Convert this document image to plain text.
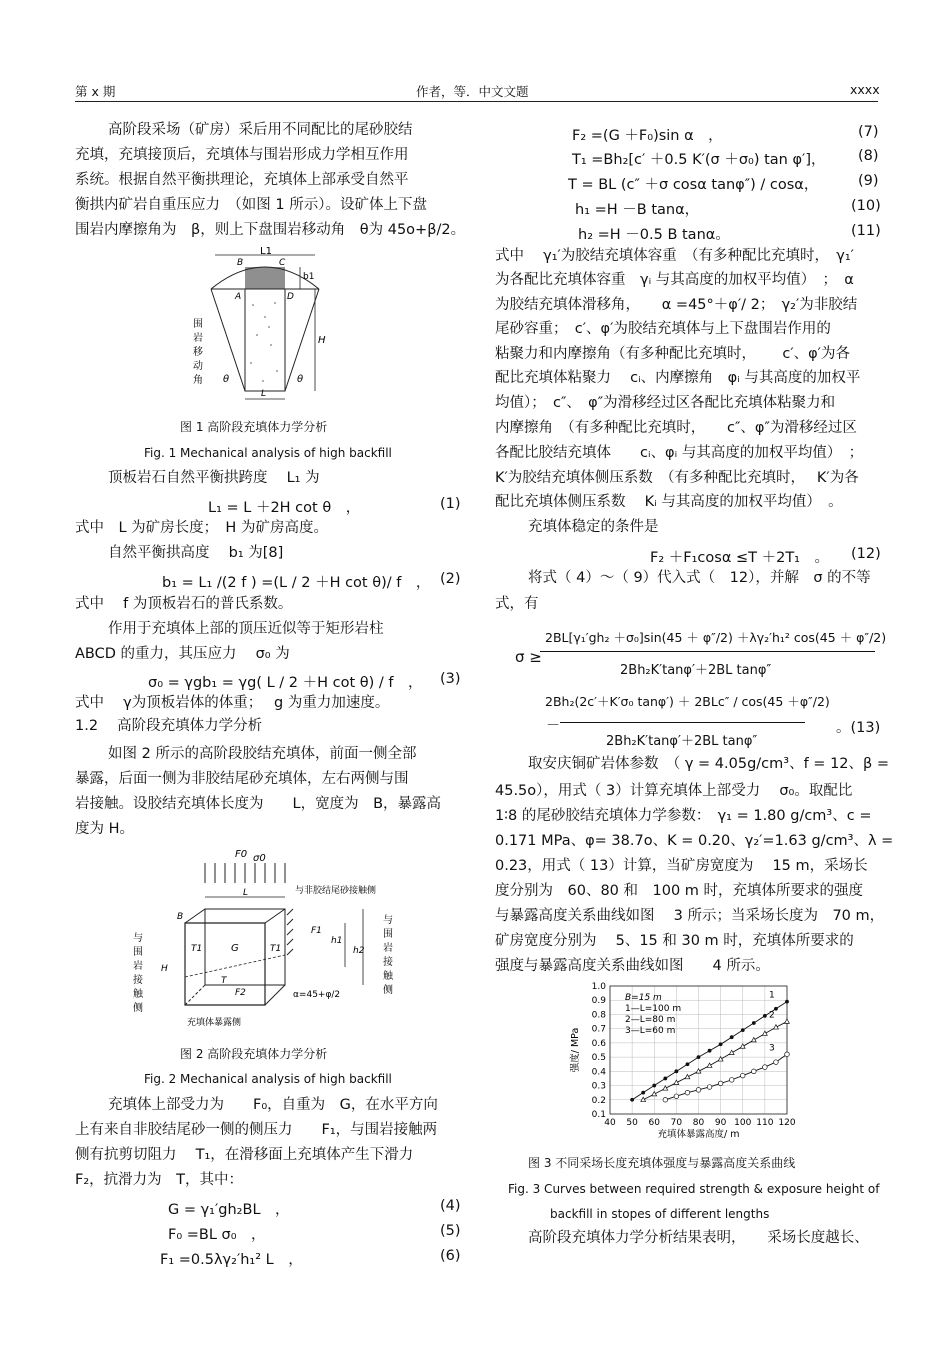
第 x 期	作者，等．中文文题	xxxx
高阶段采场（矿房）采后用不同配比的尾砂胶结
充填，充填接顶后，充填体与围岩形成力学相互作用
系统。根据自然平衡拱理论，充填体上部承受自然平
衡拱内矿岩自重压应力　（如图 1 所示）。设矿体上下盘
围岩内摩擦角为　β，则上下盘围岩移动角　θ为 45o+β/2。
L1
b1
B	C
A	D
H
L
θ	θ
围
岩
移
动
角
图 1 高阶段充填体力学分析
Fig. 1 Mechanical analysis of high backfill
顶板岩石自然平衡拱跨度　 L₁ 为
L₁ = L ＋2H cot θ　，	(1)
式中　L 为矿房长度；　H 为矿房高度。
自然平衡拱高度　 b₁ 为[8]
b₁ = L₁ /(2 f ) =(L / 2 ＋H cot θ)/ f　， (2)
式中　 f 为顶板岩石的普氏系数。
作用于充填体上部的顶压近似等于矩形岩柱
ABCD 的重力，其压应力　 σ₀ 为
σ₀ = γgb₁ = γg( L / 2 ＋H cot θ) / f　， (3)
式中　 γ为顶板岩体的体重；　 g 为重力加速度。
1.2　 高阶段充填体力学分析
如图 2 所示的高阶段胶结充填体，前面一侧全部
暴露，后面一侧为非胶结尾砂充填体，左右两侧与围
岩接触。设胶结充填体长度为　　L，宽度为　B，暴露高
度为 H。
F0 σ0
与非胶结尾砂接触侧
L
B
F1
h1
h2
G
T1	T1
T
F2
H
α=45+φ/2
充填体暴露侧
与
围
岩
接
触
侧
与
围
岩
接
触
侧
图 2 高阶段充填体力学分析
Fig. 2 Mechanical analysis of high backfill
充填体上部受力为　　F₀，自重为　G，在水平方向
上有来自非胶结尾砂一侧的侧压力　　F₁，与围岩接触两
侧有抗剪切阻力　 T₁，在滑移面上充填体产生下滑力
F₂，抗滑力为　T，其中：
G = γ₁′gh₂BL　，	(4)
F₀ =BL σ₀　，	(5)
F₁ =0.5λγ₂′h₁² L　，	(6)
F₂ =(G ＋F₀)sin α　，	(7)
T₁ =Bh₂[c′ ＋0.5 K′(σ ＋σ₀) tan φ′]， (8)
T = BL (c″ ＋σ cosα tanφ″) / cosα，	(9)
h₁ =H －B tanα，	(10)
h₂ =H －0.5 B tanα。	(11)
式中　 γ₁′为胶结充填体容重　（有多种配比充填时，　γ₁′
为各配比充填体容重　γᵢ 与其高度的加权平均值）　；　α
为胶结充填体滑移角，　　α =45°＋φ′/ 2；　γ₂′为非胶结
尾砂容重；　c′、φ′为胶结充填体与上下盘围岩作用的
粘聚力和内摩擦角（有多种配比充填时，　　 c′、φ′为各
配比充填体粘聚力　 cᵢ、内摩擦角　φᵢ 与其高度的加权平
均值）；　c″、　φ″为滑移经过区各配比充填体粘聚力和
内摩擦角　（有多种配比充填时，　　c″、φ″为滑移经过区
各配比胶结充填体　　cᵢ、φᵢ 与其高度的加权平均值）　；
K′为胶结充填体侧压系数　（有多种配比充填时，　 K′为各
配比充填体侧压系数　 Kᵢ 与其高度的加权平均值）　。
充填体稳定的条件是
F₂ ＋F₁cosα ≤T ＋2T₁　。 (12)
将式（ 4）～（ 9）代入式（　12），并解　σ 的不等
式，有
σ ≥
2BL[γ₁′gh₂ ＋σ₀]sin(45 ＋ φ″/2) ＋λγ₂′h₁² cos(45 ＋ φ″/2)
2Bh₂K′tanφ′＋2BL tanφ″
2Bh₂(2c′＋K′σ₀ tanφ′) ＋ 2BLc″ / cos(45 ＋φ″/2)
－
2Bh₂K′tanφ′＋2BL tanφ″
。(13)
取安庆铜矿岩体参数　（ γ = 4.05g/cm³、f = 12、β =
45.5o），用式（ 3）计算充填体上部受力　 σ₀。取配比
1∶8 的尾砂胶结充填体力学参数：　γ₁ = 1.80 g/cm³、c =
0.171 MPa、φ= 38.7o、K = 0.20、γ₂′=1.63 g/cm³、λ =
0.23，用式（ 13）计算，当矿房宽度为　 15 m，采场长
度分别为　60、80 和　100 m 时，充填体所要求的强度
与暴露高度关系曲线如图　 3 所示；当采场长度为　70 m，
矿房宽度分别为　 5、15 和 30 m 时，充填体所要求的
强度与暴露高度关系曲线如图　　4 所示。
40 50 60 70 80 90 100 110 120
0.1
0.2
0.3
0.4
0.5
0.6
0.7
0.8
0.9
1.0
充填体暴露高度/ m
强度/ MPa
B=15 m
1—L=100 m
2—L=80 m
3—L=60 m
1
2
3
图 3 不同采场长度充填体强度与暴露高度关系曲线
Fig. 3 Curves between required strength & exposure height of
backfill in stopes of different lengths
高阶段充填体力学分析结果表明，　　采场长度越长、
